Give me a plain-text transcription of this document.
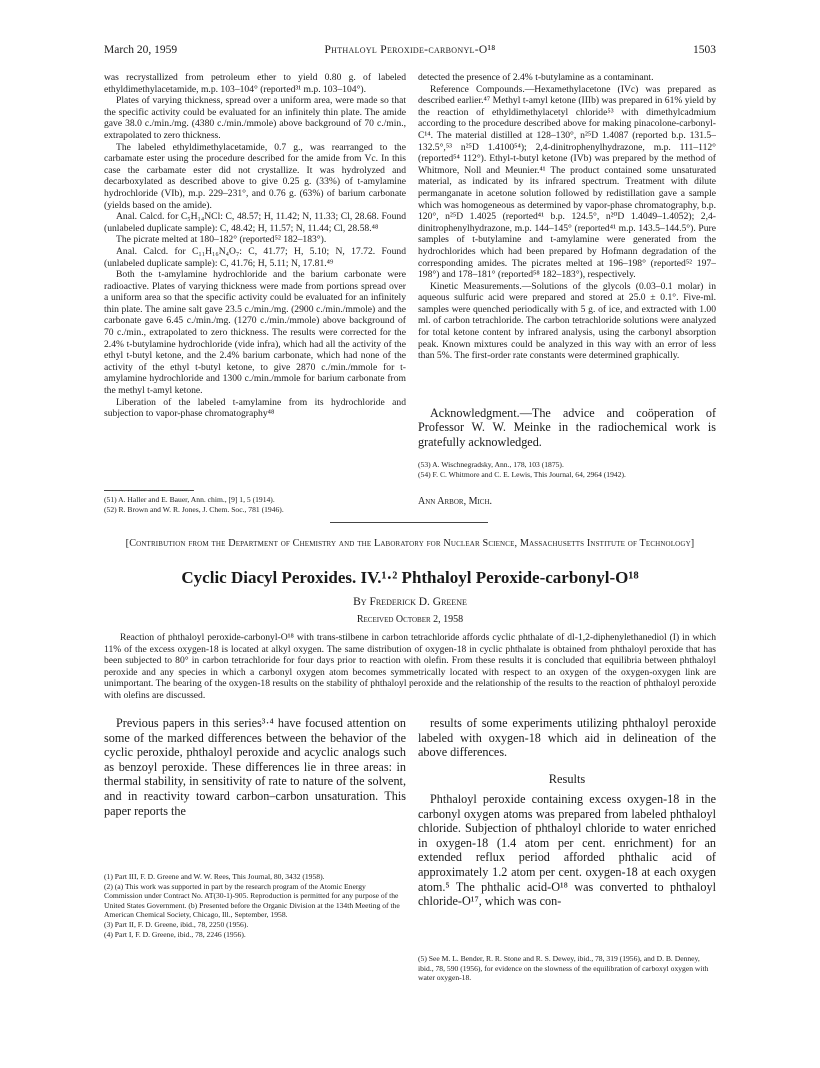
March 20, 1959	Phthaloyl Peroxide-carbonyl-O¹⁸	1503

was recrystallized from petroleum ether to yield 0.80 g. of labeled ethyldimethylacetamide, m.p. 103–104° (reported³¹ m.p. 103–104°).

Plates of varying thickness, spread over a uniform area, were made so that the specific activity could be evaluated for an infinitely thin plate. The amide gave 38.0 c./min./mg. (4380 c./min./mmole) above background of 70 c./min., extrapolated to zero thickness.

The labeled ethyldimethylacetamide, 0.7 g., was rearranged to the carbamate ester using the procedure described for the amide from Vc. In this case the carbamate ester did not crystallize. It was hydrolyzed and decarboxylated as described above to give 0.25 g. (33%) of t-amylamine hydrochloride (VIb), m.p. 229–231°, and 0.76 g. (63%) of barium carbonate (yields based on the amide).

Anal. Calcd. for C₅H₁₄NCl: C, 48.57; H, 11.42; N, 11.33; Cl, 28.68. Found (unlabeled duplicate sample): C, 48.42; H, 11.57; N, 11.44; Cl, 28.58.⁴⁸

The picrate melted at 180–182° (reported⁵² 182–183°).

Anal. Calcd. for C₁₁H₁₆N₄O₇: C, 41.77; H, 5.10; N, 17.72. Found (unlabeled duplicate sample): C, 41.76; H, 5.11; N, 17.81.⁴⁹

Both the t-amylamine hydrochloride and the barium carbonate were radioactive. Plates of varying thickness were made from portions spread over a uniform area so that the specific activity could be evaluated for an infinitely thin plate. The amine salt gave 23.5 c./min./mg. (2900 c./min./mmole) and the carbonate gave 6.45 c./min./mg. (1270 c./min./mmole) above background of 70 c./min., extrapolated to zero thickness. The results were corrected for the 2.4% t-butylamine hydrochloride (vide infra), which had all the activity of the ethyl t-butyl ketone, and the 2.4% barium carbonate, which had none of the activity of the ethyl t-butyl ketone, to give 2870 c./min./mmole for t-amylamine hydrochloride and 1300 c./min./mmole for barium carbonate from the methyl t-amyl ketone.

Liberation of the labeled t-amylamine from its hydrochloride and subjection to vapor-phase chromatography⁴⁸

(51) A. Haller and E. Bauer, Ann. chim., [9] 1, 5 (1914).

(52) R. Brown and W. R. Jones, J. Chem. Soc., 781 (1946).

detected the presence of 2.4% t-butylamine as a contaminant.

Reference Compounds.—Hexamethylacetone (IVc) was prepared as described earlier.⁴⁷ Methyl t-amyl ketone (IIIb) was prepared in 61% yield by the reaction of ethyldimethylacetyl chloride⁵³ with dimethylcadmium according to the procedure described above for making pinacolone-carbonyl-C¹⁴. The material distilled at 128–130°, n²⁵D 1.4087 (reported b.p. 131.5–132.5°,⁵³ n²⁵D 1.4100⁵⁴); 2,4-dinitrophenylhydrazone, m.p. 111–112° (reported⁵⁴ 112°). Ethyl-t-butyl ketone (IVb) was prepared by the method of Whitmore, Noll and Meunier.⁴¹ The product contained some unsaturated material, as indicated by its infrared spectrum. Treatment with dilute permanganate in acetone solution followed by redistillation gave a sample which was homogeneous as determined by vapor-phase chromatography, b.p. 120°, n²⁵D 1.4025 (reported⁴¹ b.p. 124.5°, n²⁰D 1.4049–1.4052); 2,4-dinitrophenylhydrazone, m.p. 144–145° (reported⁴¹ m.p. 143.5–144.5°). Pure samples of t-butylamine and t-amylamine were generated from the hydrochlorides which had been prepared by Hofmann degradation of the corresponding amides. The picrates melted at 196–198° (reported⁵² 197–198°) and 178–181° (reported⁵⁸ 182–183°), respectively.

Kinetic Measurements.—Solutions of the glycols (0.03–0.1 molar) in aqueous sulfuric acid were prepared and stored at 25.0 ± 0.1°. Five-ml. samples were quenched periodically with 5 g. of ice, and extracted with 1.00 ml. of carbon tetrachloride. The carbon tetrachloride solutions were analyzed for total ketone content by infrared analysis, using the carbonyl absorption peak. Known mixtures could be analyzed in this way with an error of less than 5%. The first-order rate constants were determined graphically.

Acknowledgment.—The advice and coöperation of Professor W. W. Meinke in the radiochemical work is gratefully acknowledged.

(53) A. Wischnegradsky, Ann., 178, 103 (1875).

(54) F. C. Whitmore and C. E. Lewis, This Journal, 64, 2964 (1942).

Ann Arbor, Mich.
[Contribution from the Department of Chemistry and the Laboratory for Nuclear Science, Massachusetts Institute of Technology]
Cyclic Diacyl Peroxides. IV.¹·² Phthaloyl Peroxide-carbonyl-O¹⁸
By Frederick D. Greene
Received October 2, 1958

Reaction of phthaloyl peroxide-carbonyl-O¹⁸ with trans-stilbene in carbon tetrachloride affords cyclic phthalate of dl-1,2-diphenylethanediol (I) in which 11% of the excess oxygen-18 is located at alkyl oxygen. The same distribution of oxygen-18 in cyclic phthalate is obtained from phthaloyl peroxide that has been subjected to 80° in carbon tetrachloride for four days prior to reaction with olefin. From these results it is concluded that equilibria between phthaloyl peroxide and any species in which a carbonyl oxygen atom becomes symmetrically located with respect to an oxygen of the oxygen-oxygen link are unimportant. The bearing of the oxygen-18 results on the stability of phthaloyl peroxide and the relationship of the results to the reaction of phthaloyl peroxide with olefins are discussed.

Previous papers in this series³·⁴ have focused attention on some of the marked differences between the behavior of the cyclic peroxide, phthaloyl peroxide and acyclic analogs such as benzoyl peroxide. These differences lie in three areas: in thermal stability, in sensitivity of rate to nature of the solvent, and in reactivity toward carbon–carbon unsaturation. This paper reports the

(1) Part III, F. D. Greene and W. W. Rees, This Journal, 80, 3432 (1958).

(2) (a) This work was supported in part by the research program of the Atomic Energy Commission under Contract No. AT(30-1)-905. Reproduction is permitted for any purpose of the United States Government. (b) Presented before the Organic Division at the 134th Meeting of the American Chemical Society, Chicago, Ill., September, 1958.

(3) Part II, F. D. Greene, ibid., 78, 2250 (1956).

(4) Part I, F. D. Greene, ibid., 78, 2246 (1956).

results of some experiments utilizing phthaloyl peroxide labeled with oxygen-18 which aid in delineation of the above differences.

Results

Phthaloyl peroxide containing excess oxygen-18 in the carbonyl oxygen atoms was prepared from labeled phthaloyl chloride. Subjection of phthaloyl chloride to water enriched in oxygen-18 (1.4 atom per cent. enrichment) for an extended reflux period afforded phthalic acid of approximately 1.2 atom per cent. oxygen-18 at each oxygen atom.⁵ The phthalic acid-O¹⁸ was converted to phthaloyl chloride-O¹⁷, which was con-

(5) See M. L. Bender, R. R. Stone and R. S. Dewey, ibid., 78, 319 (1956), and D. B. Denney, ibid., 78, 590 (1956), for evidence on the slowness of the equilibration of carboxyl oxygen with water oxygen-18.
